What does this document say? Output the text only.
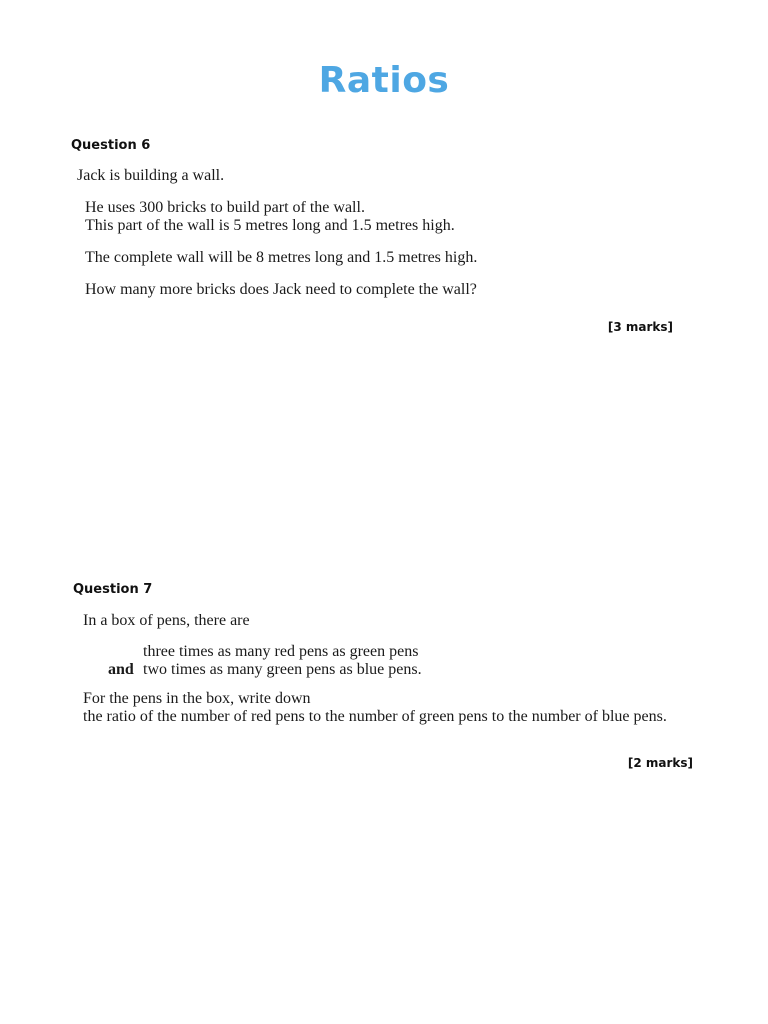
Ratios
Question 6
Jack is building a wall.
He uses 300 bricks to build part of the wall.
This part of the wall is 5 metres long and 1.5 metres high.
The complete wall will be 8 metres long and 1.5 metres high.
How many more bricks does Jack need to complete the wall?
[3 marks]
Question 7
In a box of pens, there are
three times as many red pens as green pens
and two times as many green pens as blue pens.
For the pens in the box, write down
the ratio of the number of red pens to the number of green pens to the number of blue pens.
[2 marks]
